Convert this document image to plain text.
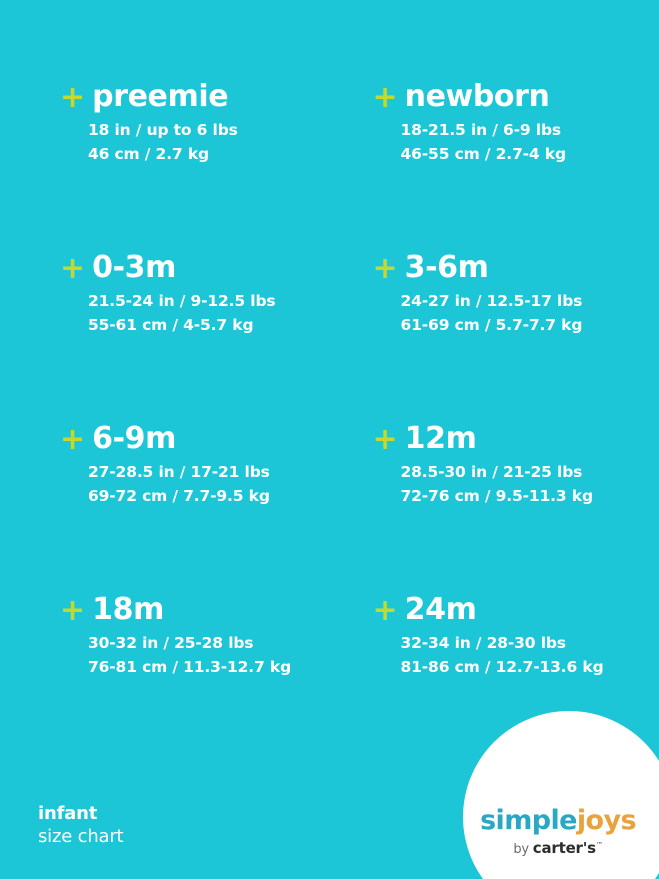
+ preemie
18 in / up to 6 lbs
46 cm / 2.7 kg
+ newborn
18-21.5 in / 6-9 lbs
46-55 cm / 2.7-4 kg
+ 0-3m
21.5-24 in / 9-12.5 lbs
55-61 cm / 4-5.7 kg
+ 3-6m
24-27 in / 12.5-17 lbs
61-69 cm / 5.7-7.7 kg
+ 6-9m
27-28.5 in / 17-21 lbs
69-72 cm / 7.7-9.5 kg
+ 12m
28.5-30 in / 21-25 lbs
72-76 cm / 9.5-11.3 kg
+ 18m
30-32 in / 25-28 lbs
76-81 cm / 11.3-12.7 kg
+ 24m
32-34 in / 28-30 lbs
81-86 cm / 12.7-13.6 kg
infant
size chart	simplejoys
by carter's™
